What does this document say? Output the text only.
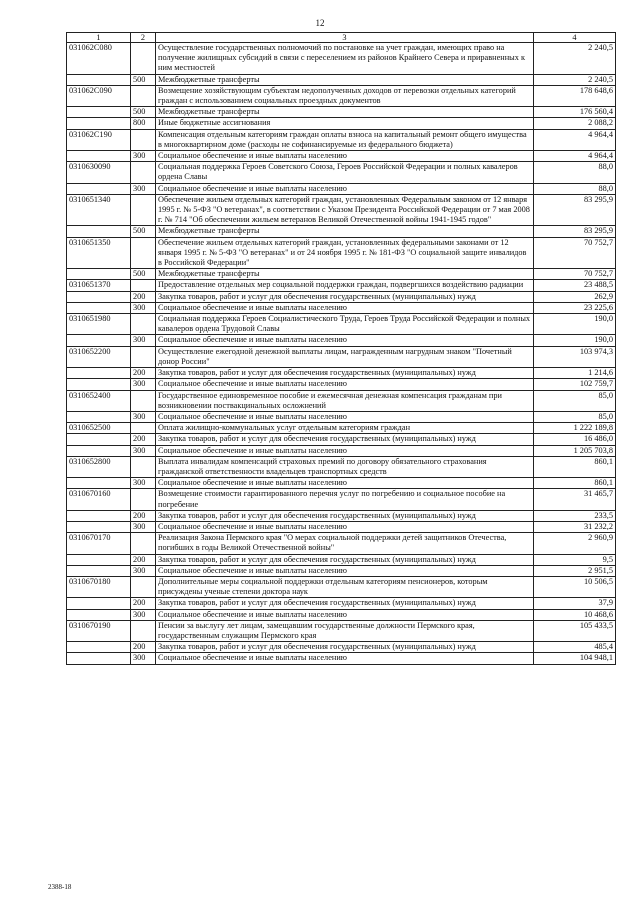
12
1	2	3	4
031062С080		Осуществление государственных полномочий по постановке на учет граждан, имеющих право на получение жилищных субсидий в связи с переселением из районов Крайнего Севера и приравненных к ним местностей	2 240,5
	500	Межбюджетные трансферты	2 240,5
031062С090		Возмещение хозяйствующим субъектам недополученных доходов от перевозки отдельных категорий граждан с использованием социальных проездных документов	178 648,6
	500	Межбюджетные трансферты	176 560,4
	800	Иные бюджетные ассигнования	2 088,2
031062С190		Компенсация отдельным категориям граждан оплаты взноса на капитальный ремонт общего имущества в многоквартирном доме (расходы не софинансируемые из федерального бюджета)	4 964,4
	300	Социальное обеспечение и иные выплаты населению	4 964,4
0310630090		Социальная поддержка Героев Советского Союза, Героев Российской Федерации и полных кавалеров ордена Славы	88,0
	300	Социальное обеспечение и иные выплаты населению	88,0
0310651340		Обеспечение жильем отдельных категорий граждан, установленных Федеральным законом от 12 января 1995 г. № 5-ФЗ "О ветеранах", в соответствии с Указом Президента Российской Федерации от 7 мая 2008 г. № 714 "Об обеспечении жильем ветеранов Великой Отечественной войны 1941-1945 годов"	83 295,9
	500	Межбюджетные трансферты	83 295,9
0310651350		Обеспечение жильем отдельных категорий граждан, установленных федеральными законами от 12 января 1995 г. № 5-ФЗ "О ветеранах" и от 24 ноября 1995 г. № 181-ФЗ "О социальной защите инвалидов в Российской Федерации"	70 752,7
	500	Межбюджетные трансферты	70 752,7
0310651370		Предоставление отдельных мер социальной поддержки граждан, подвергшихся воздействию радиации	23 488,5
	200	Закупка товаров, работ и услуг для обеспечения государственных (муниципальных) нужд	262,9
	300	Социальное обеспечение и иные выплаты населению	23 225,6
0310651980		Социальная поддержка Героев Социалистического Труда, Героев Труда Российской Федерации и полных кавалеров ордена Трудовой Славы	190,0
	300	Социальное обеспечение и иные выплаты населению	190,0
0310652200		Осуществление ежегодной денежной выплаты лицам, награжденным нагрудным знаком "Почетный донор России"	103 974,3
	200	Закупка товаров, работ и услуг для обеспечения государственных (муниципальных) нужд	1 214,6
	300	Социальное обеспечение и иные выплаты населению	102 759,7
0310652400		Государственное единовременное пособие и ежемесячная денежная компенсация гражданам при возникновении поствакцинальных осложнений	85,0
	300	Социальное обеспечение и иные выплаты населению	85,0
0310652500		Оплата жилищно-коммунальных услуг отдельным категориям граждан	1 222 189,8
	200	Закупка товаров, работ и услуг для обеспечения государственных (муниципальных) нужд	16 486,0
	300	Социальное обеспечение и иные выплаты населению	1 205 703,8
0310652800		Выплата инвалидам компенсаций страховых премий по договору обязательного страхования гражданской ответственности владельцев транспортных средств	860,1
	300	Социальное обеспечение и иные выплаты населению	860,1
0310670160		Возмещение стоимости гарантированного перечня услуг по погребению и социальное пособие на погребение	31 465,7
	200	Закупка товаров, работ и услуг для обеспечения государственных (муниципальных) нужд	233,5
	300	Социальное обеспечение и иные выплаты населению	31 232,2
0310670170		Реализация Закона Пермского края "О мерах социальной поддержки детей защитников Отечества, погибших в годы Великой Отечественной войны"	2 960,9
	200	Закупка товаров, работ и услуг для обеспечения государственных (муниципальных) нужд	9,5
	300	Социальное обеспечение и иные выплаты населению	2 951,5
0310670180		Дополнительные меры социальной поддержки отдельным категориям пенсионеров, которым присуждены ученые степени доктора наук	10 506,5
	200	Закупка товаров, работ и услуг для обеспечения государственных (муниципальных) нужд	37,9
	300	Социальное обеспечение и иные выплаты населению	10 468,6
0310670190		Пенсии за выслугу лет лицам, замещавшим государственные должности Пермского края, государственным служащим Пермского края	105 433,5
	200	Закупка товаров, работ и услуг для обеспечения государственных (муниципальных) нужд	485,4
	300	Социальное обеспечение и иные выплаты населению	104 948,1
2388-18
